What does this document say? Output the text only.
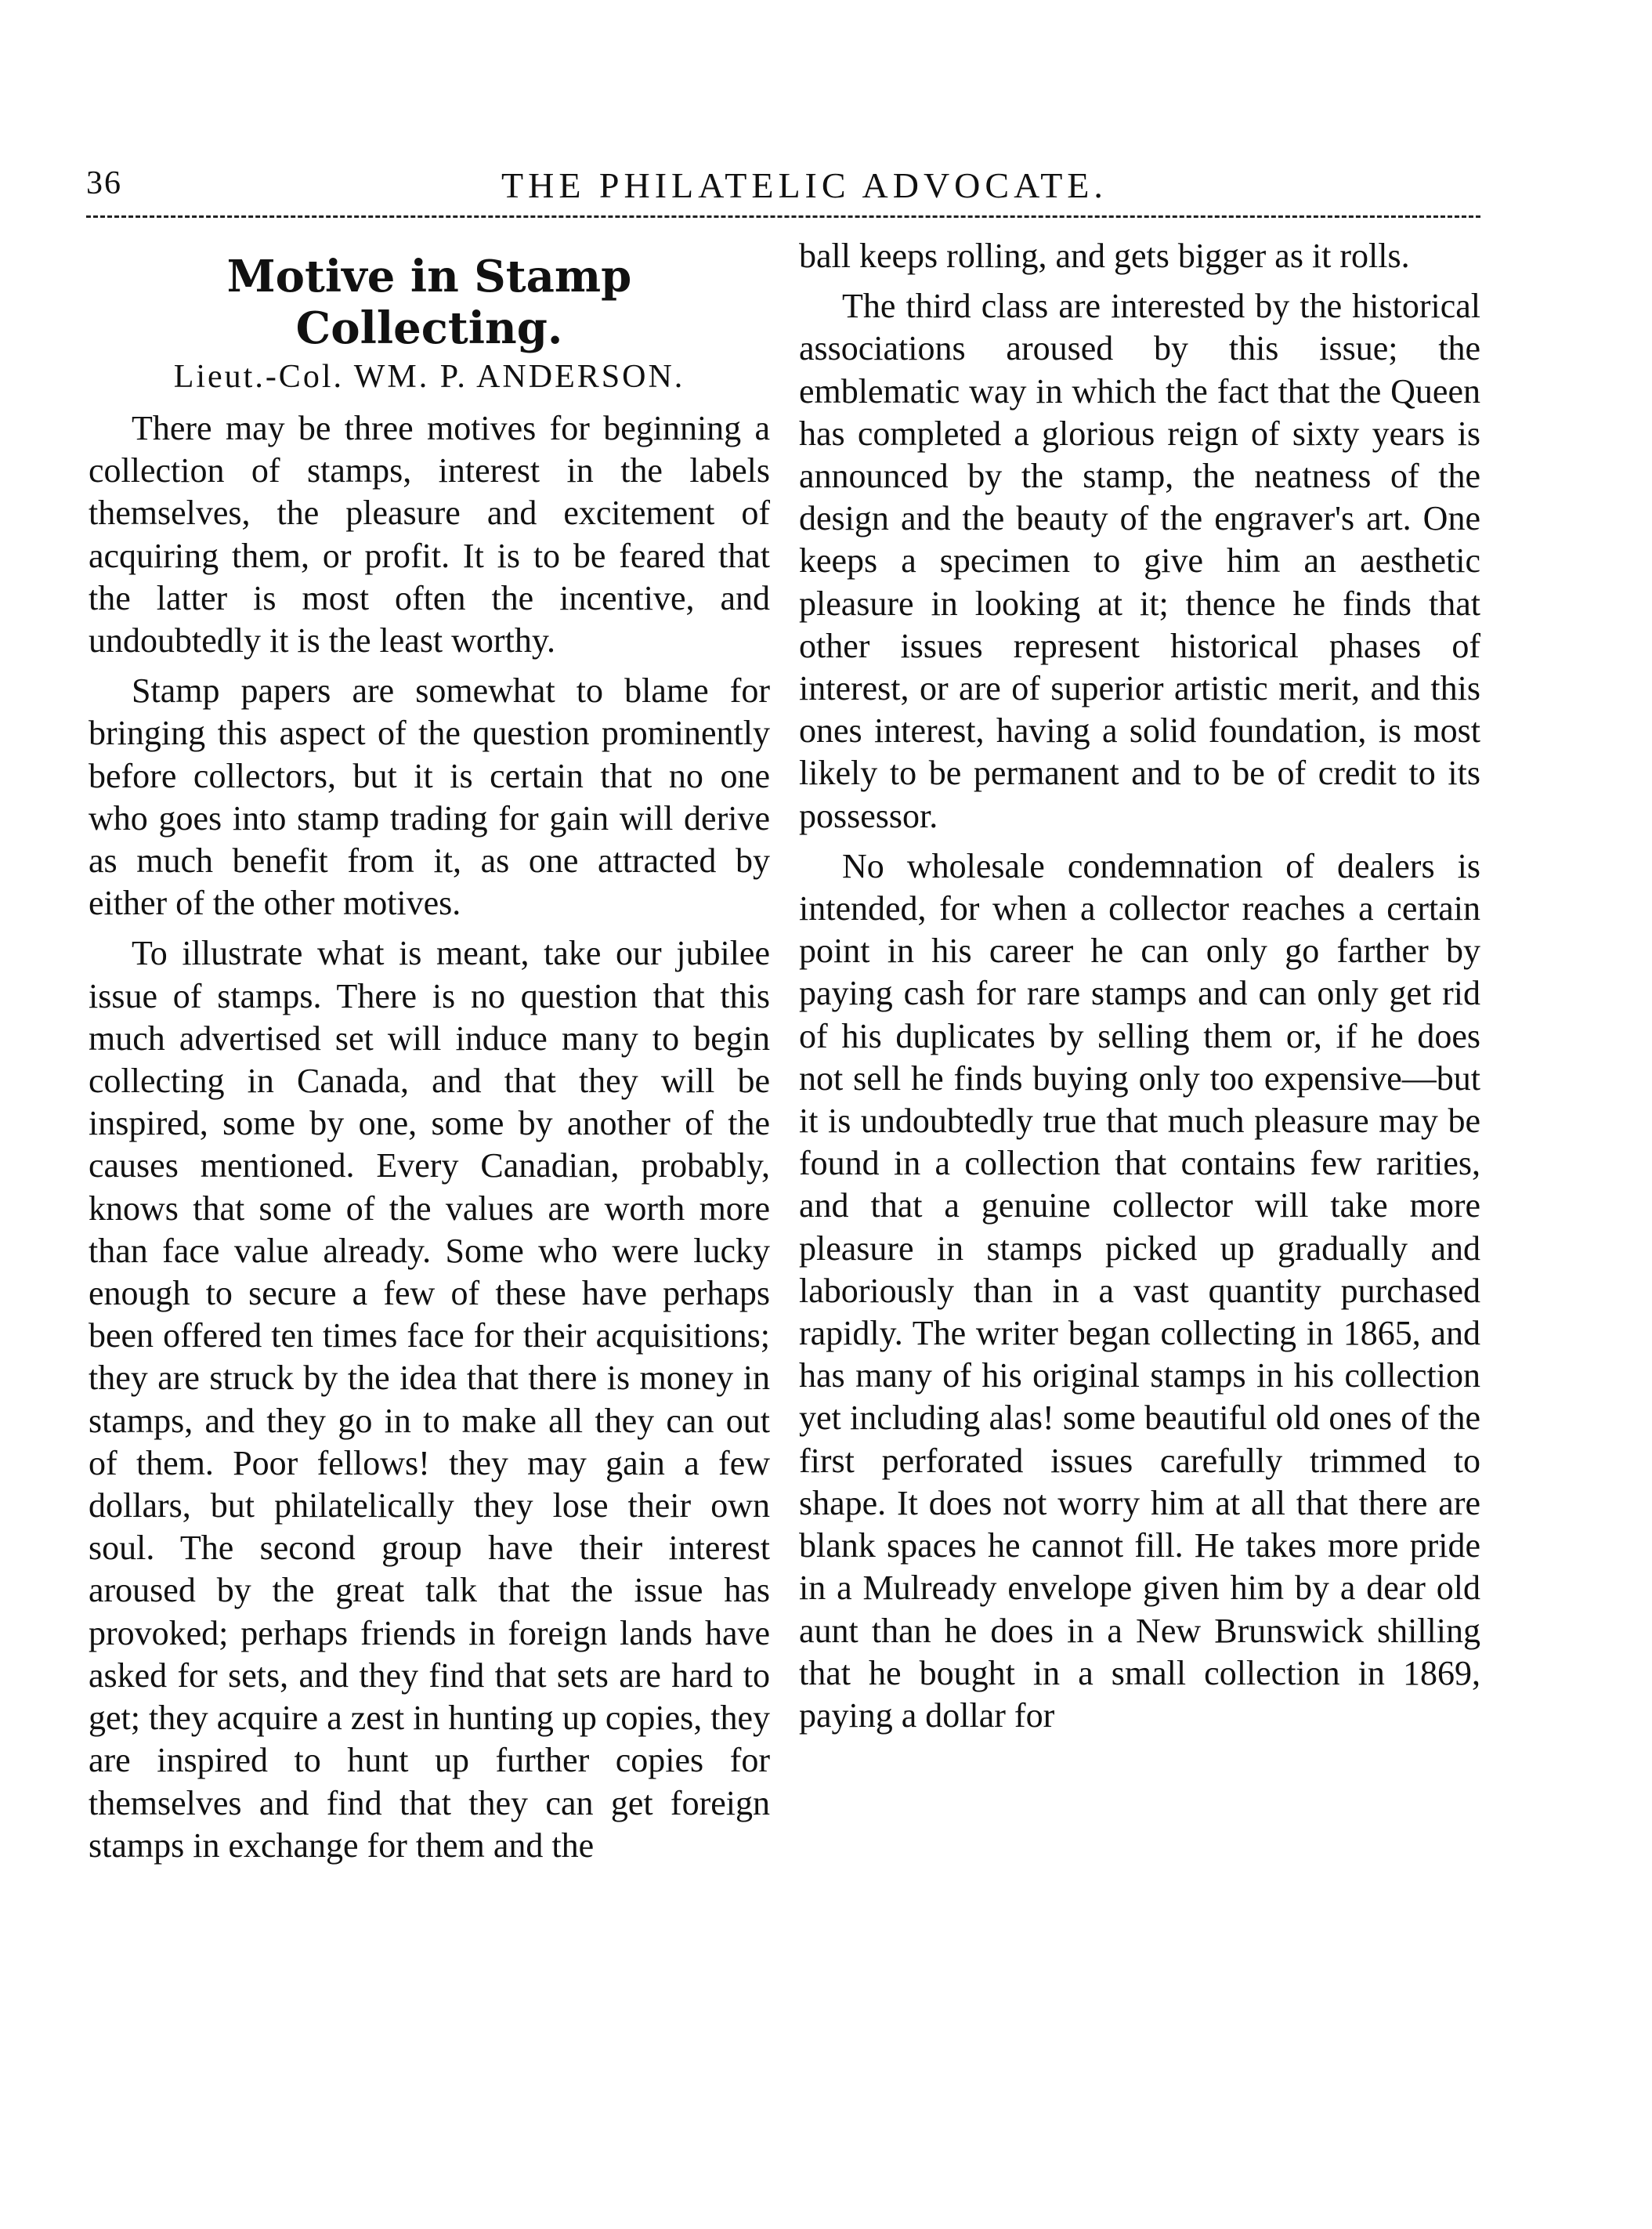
36	THE PHILATELIC ADVOCATE.
Motive in Stamp Collecting.
Lieut.-Col. WM. P. ANDERSON.

There may be three motives for beginning a collection of stamps, interest in the labels themselves, the pleasure and excitement of acquiring them, or profit. It is to be feared that the latter is most often the incentive, and undoubtedly it is the least worthy.

Stamp papers are somewhat to blame for bringing this aspect of the question prominently before collectors, but it is certain that no one who goes into stamp trading for gain will derive as much benefit from it, as one attracted by either of the other motives.

To illustrate what is meant, take our jubilee issue of stamps. There is no question that this much advertised set will induce many to begin collecting in Canada, and that they will be inspired, some by one, some by another of the causes mentioned. Every Canadian, probably, knows that some of the values are worth more than face value already. Some who were lucky enough to secure a few of these have perhaps been offered ten times face for their acquisitions; they are struck by the idea that there is money in stamps, and they go in to make all they can out of them. Poor fellows! they may gain a few dollars, but philatelically they lose their own soul. The second group have their interest aroused by the great talk that the issue has provoked; perhaps friends in foreign lands have asked for sets, and they find that sets are hard to get; they acquire a zest in hunting up copies, they are inspired to hunt up further copies for themselves and find that they can get foreign stamps in exchange for them and the

ball keeps rolling, and gets bigger as it rolls.

The third class are interested by the historical associations aroused by this issue; the emblematic way in which the fact that the Queen has completed a glorious reign of sixty years is announced by the stamp, the neatness of the design and the beauty of the engraver's art. One keeps a specimen to give him an aesthetic pleasure in looking at it; thence he finds that other issues represent historical phases of interest, or are of superior artistic merit, and this ones interest, having a solid foundation, is most likely to be permanent and to be of credit to its possessor.

No wholesale condemnation of dealers is intended, for when a collector reaches a certain point in his career he can only go farther by paying cash for rare stamps and can only get rid of his duplicates by selling them or, if he does not sell he finds buying only too expensive—but it is undoubtedly true that much pleasure may be found in a collection that contains few rarities, and that a genuine collector will take more pleasure in stamps picked up gradually and laboriously than in a vast quantity purchased rapidly. The writer began collecting in 1865, and has many of his original stamps in his collection yet including alas! some beautiful old ones of the first perforated issues carefully trimmed to shape. It does not worry him at all that there are blank spaces he cannot fill. He takes more pride in a Mulready envelope given him by a dear old aunt than he does in a New Brunswick shilling that he bought in a small collection in 1869, paying a dollar for
